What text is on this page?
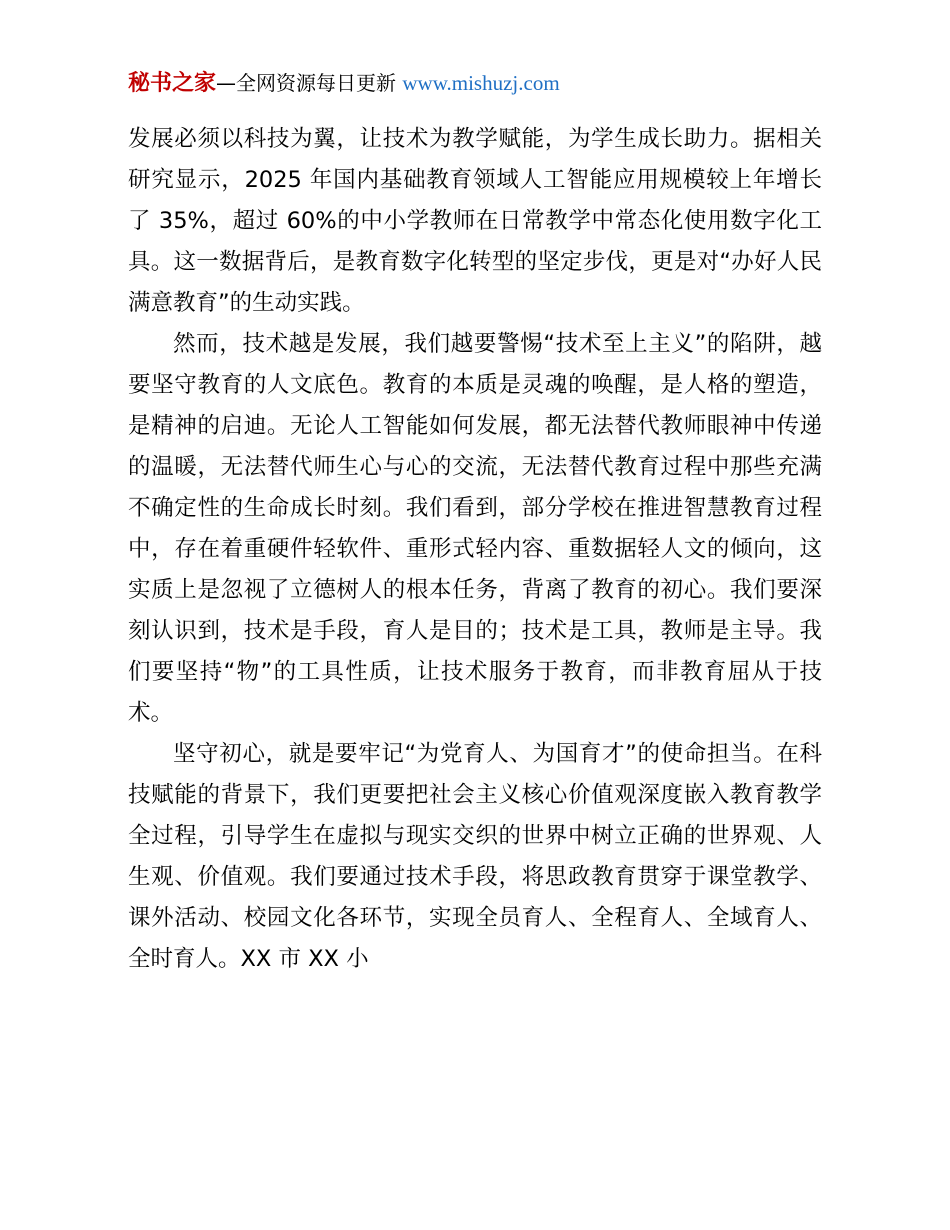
秘书之家—全网资源每日更新 www.mishuzj.com

发展必须以科技为翼，让技术为教学赋能，为学生成长助力。据相关研究显示，2025 年国内基础教育领域人工智能应用规模较上年增长了 35%，超过 60%的中小学教师在日常教学中常态化使用数字化工具。这一数据背后，是教育数字化转型的坚定步伐，更是对“办好人民满意教育”的生动实践。

然而，技术越是发展，我们越要警惕“技术至上主义”的陷阱，越要坚守教育的人文底色。教育的本质是灵魂的唤醒，是人格的塑造，是精神的启迪。无论人工智能如何发展，都无法替代教师眼神中传递的温暖，无法替代师生心与心的交流，无法替代教育过程中那些充满不确定性的生命成长时刻。我们看到，部分学校在推进智慧教育过程中，存在着重硬件轻软件、重形式轻内容、重数据轻人文的倾向，这实质上是忽视了立德树人的根本任务，背离了教育的初心。我们要深刻认识到，技术是手段，育人是目的；技术是工具，教师是主导。我们要坚持“物”的工具性质，让技术服务于教育，而非教育屈从于技术。

坚守初心，就是要牢记“为党育人、为国育才”的使命担当。在科技赋能的背景下，我们更要把社会主义核心价值观深度嵌入教育教学全过程，引导学生在虚拟与现实交织的世界中树立正确的世界观、人生观、价值观。我们要通过技术手段，将思政教育贯穿于课堂教学、课外活动、校园文化各环节，实现全员育人、全程育人、全域育人、全时育人。XX 市 XX 小
